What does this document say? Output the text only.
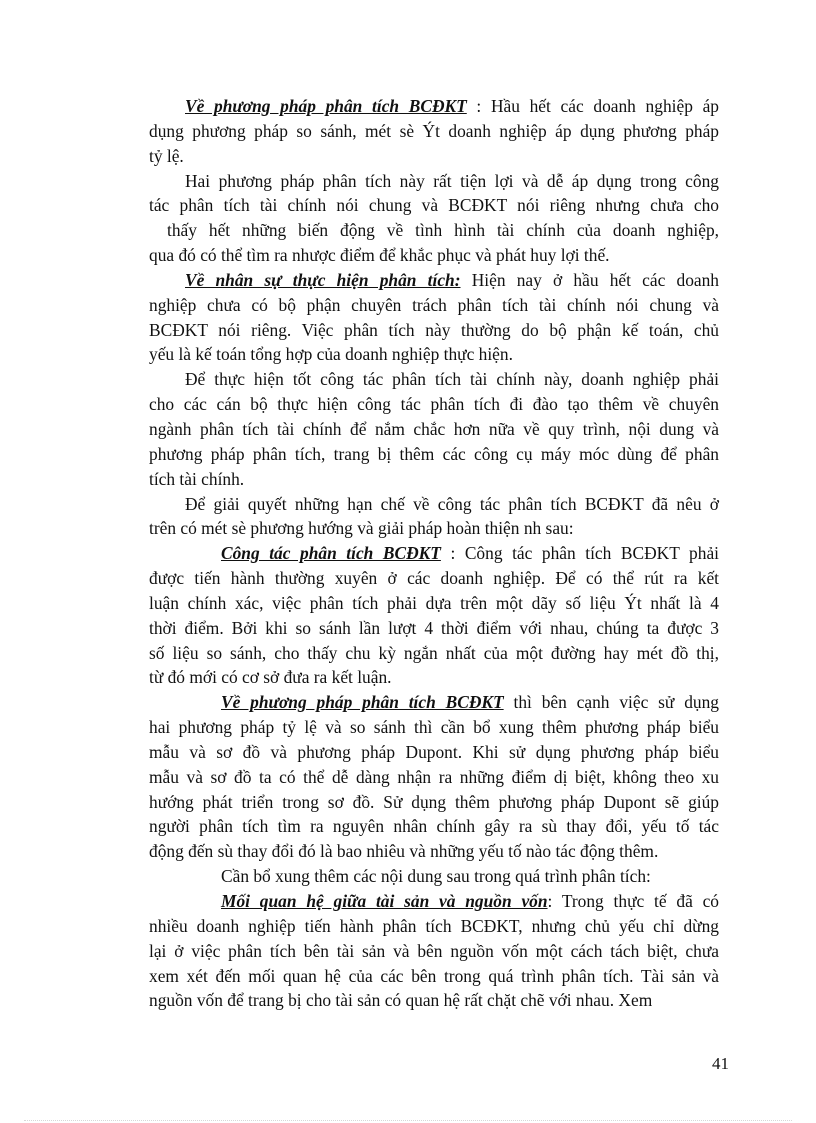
Về phương pháp phân tích BCĐKT : Hầu hết các doanh nghiệp áp
dụng phương pháp so sánh, mét sè Ýt doanh nghiệp áp dụng phương pháp
tỷ lệ.
Hai phương pháp phân tích này rất tiện lợi và dễ áp dụng trong công
tác phân tích tài chính nói chung và BCĐKT nói riêng nhưng chưa cho
thấy hết những biến động về tình hình tài chính của doanh nghiệp,
qua đó có thể tìm ra nhược điểm để khắc phục và phát huy lợi thế.
Về nhân sự thực hiện phân tích: Hiện nay ở hầu hết các doanh
nghiệp chưa có bộ phận chuyên trách phân tích tài chính nói chung và
BCĐKT nói riêng. Việc phân tích này thường do bộ phận kế toán, chủ
yếu là kế toán tổng hợp của doanh nghiệp thực hiện.
Để thực hiện tốt công tác phân tích tài chính này, doanh nghiệp phải
cho các cán bộ thực hiện công tác phân tích đi đào tạo thêm về chuyên
ngành phân tích tài chính để nắm chắc hơn nữa về quy trình, nội dung và
phương pháp phân tích, trang bị thêm các công cụ máy móc dùng để phân
tích tài chính.
Để giải quyết những hạn chế về công tác phân tích BCĐKT đã nêu ở
trên có mét sè phương hướng và giải pháp hoàn thiện nh sau:
Công tác phân tích BCĐKT : Công tác phân tích BCĐKT phải
được tiến hành thường xuyên ở các doanh nghiệp. Để có thể rút ra kết
luận chính xác, việc phân tích phải dựa trên một dãy số liệu Ýt nhất là 4
thời điểm. Bởi khi so sánh lần lượt 4 thời điểm với nhau, chúng ta được 3
số liệu so sánh, cho thấy chu kỳ ngắn nhất của một đường hay mét đồ thị,
từ đó mới có cơ sở đưa ra kết luận.
Về phương pháp phân tích BCĐKT thì bên cạnh việc sử dụng
hai phương pháp tỷ lệ và so sánh thì cần bổ xung thêm phương pháp biểu
mẫu và sơ đồ và phương pháp Dupont. Khi sử dụng phương pháp biểu
mẫu và sơ đồ ta có thể dễ dàng nhận ra những điểm dị biệt, không theo xu
hướng phát triển trong sơ đồ. Sử dụng thêm phương pháp Dupont sẽ giúp
người phân tích tìm ra nguyên nhân chính gây ra sù thay đổi, yếu tố tác
động đến sù thay đổi đó là bao nhiêu và những yếu tố nào tác động thêm.
Cần bổ xung thêm các nội dung sau trong quá trình phân tích:
Mối quan hệ giữa tài sản và nguồn vốn: Trong thực tế đã có
nhiều doanh nghiệp tiến hành phân tích BCĐKT, nhưng chủ yếu chỉ dừng
lại ở việc phân tích bên tài sản và bên nguồn vốn một cách tách biệt, chưa
xem xét đến mối quan hệ của các bên trong quá trình phân tích. Tài sản và
nguồn vốn để trang bị cho tài sản có quan hệ rất chặt chẽ với nhau. Xem
41
